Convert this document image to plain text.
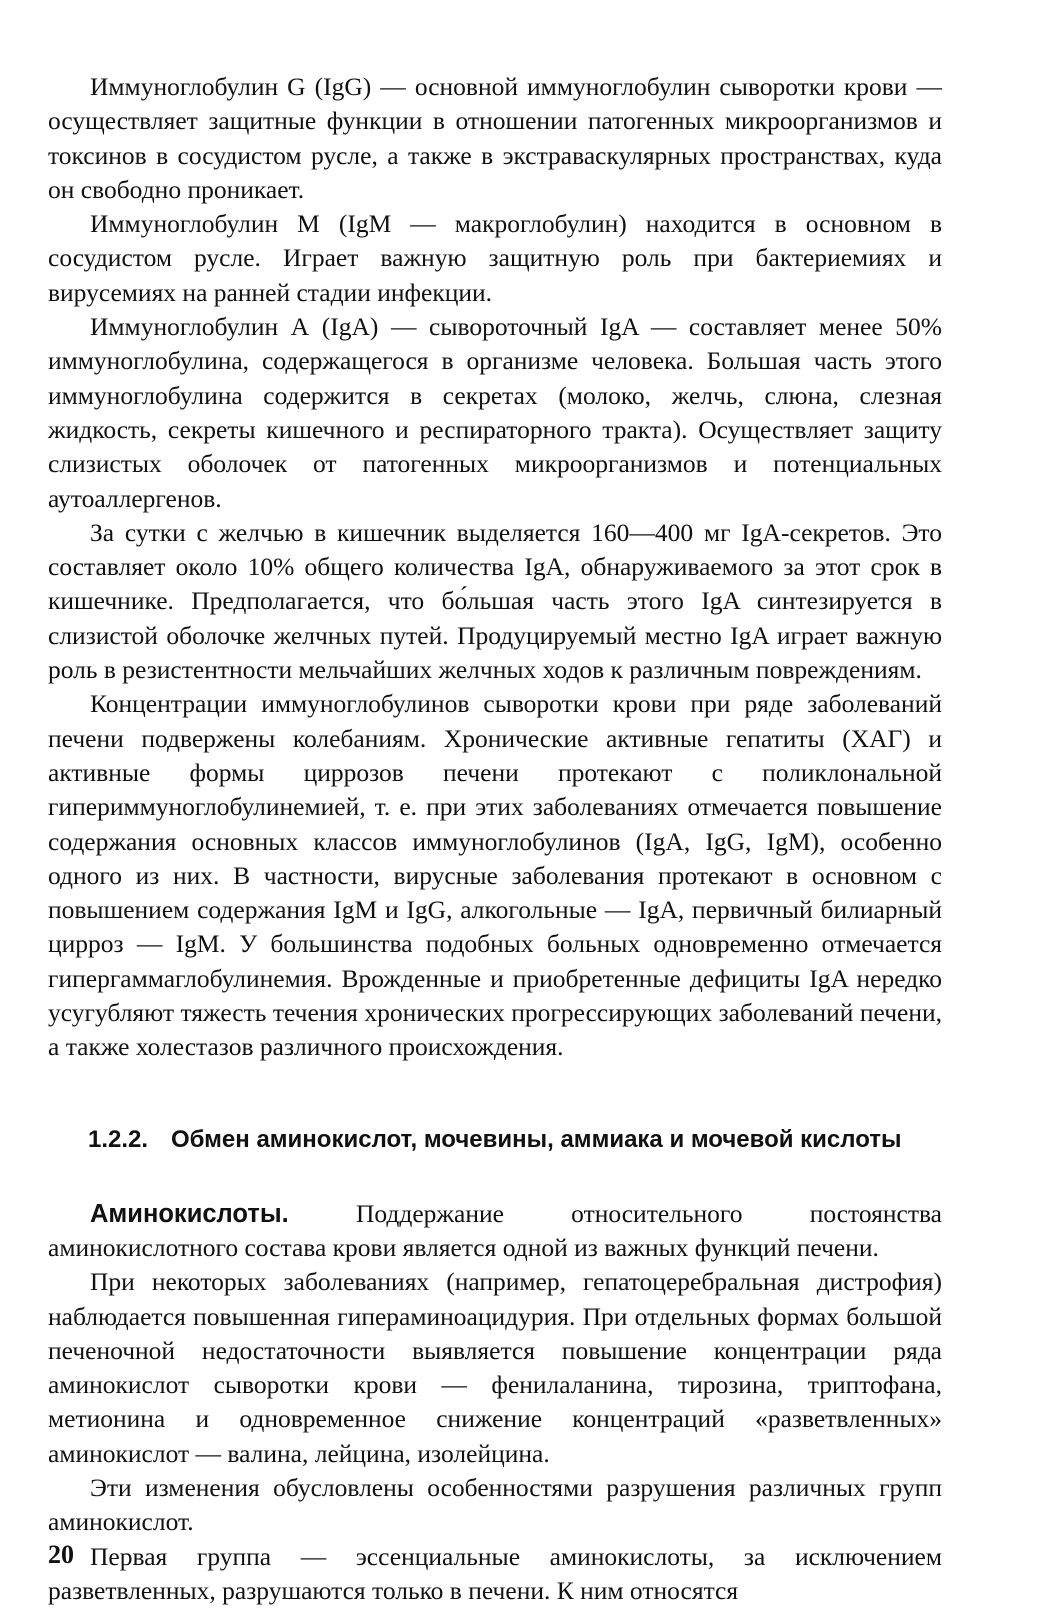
Иммуноглобулин G (IgG) — основной иммуноглобулин сыворотки крови — осуществляет защитные функции в отношении патогенных микроорганизмов и токсинов в сосудистом русле, а также в экстраваскулярных пространствах, куда он свободно проникает.

Иммуноглобулин М (IgM — макроглобулин) находится в основном в сосудистом русле. Играет важную защитную роль при бактериемиях и вирусемиях на ранней стадии инфекции.

Иммуноглобулин А (IgA) — сывороточный IgA — составляет менее 50% иммуноглобулина, содержащегося в организме человека. Большая часть этого иммуноглобулина содержится в секретах (молоко, желчь, слюна, слезная жидкость, секреты кишечного и респираторного тракта). Осуществляет защиту слизистых оболочек от патогенных микроорганизмов и потенциальных аутоаллергенов.

За сутки с желчью в кишечник выделяется 160—400 мг IgA-секретов. Это составляет около 10% общего количества IgA, обнаруживаемого за этот срок в кишечнике. Предполагается, что бо́льшая часть этого IgA синтезируется в слизистой оболочке желчных путей. Продуцируемый местно IgA играет важную роль в резистентности мельчайших желчных ходов к различным повреждениям.

Концентрации иммуноглобулинов сыворотки крови при ряде заболеваний печени подвержены колебаниям. Хронические активные гепатиты (ХАГ) и активные формы циррозов печени протекают с поликлональной гипериммуноглобулинемией, т. е. при этих заболеваниях отмечается повышение содержания основных классов иммуноглобулинов (IgA, IgG, IgM), особенно одного из них. В частности, вирусные заболевания протекают в основном с повышением содержания IgM и IgG, алкогольные — IgA, первичный билиарный цирроз — IgM. У большинства подобных больных одновременно отмечается гипергаммаглобулинемия. Врожденные и приобретенные дефициты IgA нередко усугубляют тяжесть течения хронических прогрессирующих заболеваний печени, а также холестазов различного происхождения.

1.2.2. Обмен аминокислот, мочевины, аммиака и мочевой кислоты

Аминокислоты. Поддержание относительного постоянства аминокислотного состава крови является одной из важных функций печени.

При некоторых заболеваниях (например, гепатоцеребральная дистрофия) наблюдается повышенная гипераминоацидурия. При отдельных формах большой печеночной недостаточности выявляется повышение концентрации ряда аминокислот сыворотки крови — фенилаланина, тирозина, триптофана, метионина и одновременное снижение концентраций «разветвленных» аминокислот — валина, лейцина, изолейцина.

Эти изменения обусловлены особенностями разрушения различных групп аминокислот.

Первая группа — эссенциальные аминокислоты, за исключением разветвленных, разрушаются только в печени. К ним относятся

20
